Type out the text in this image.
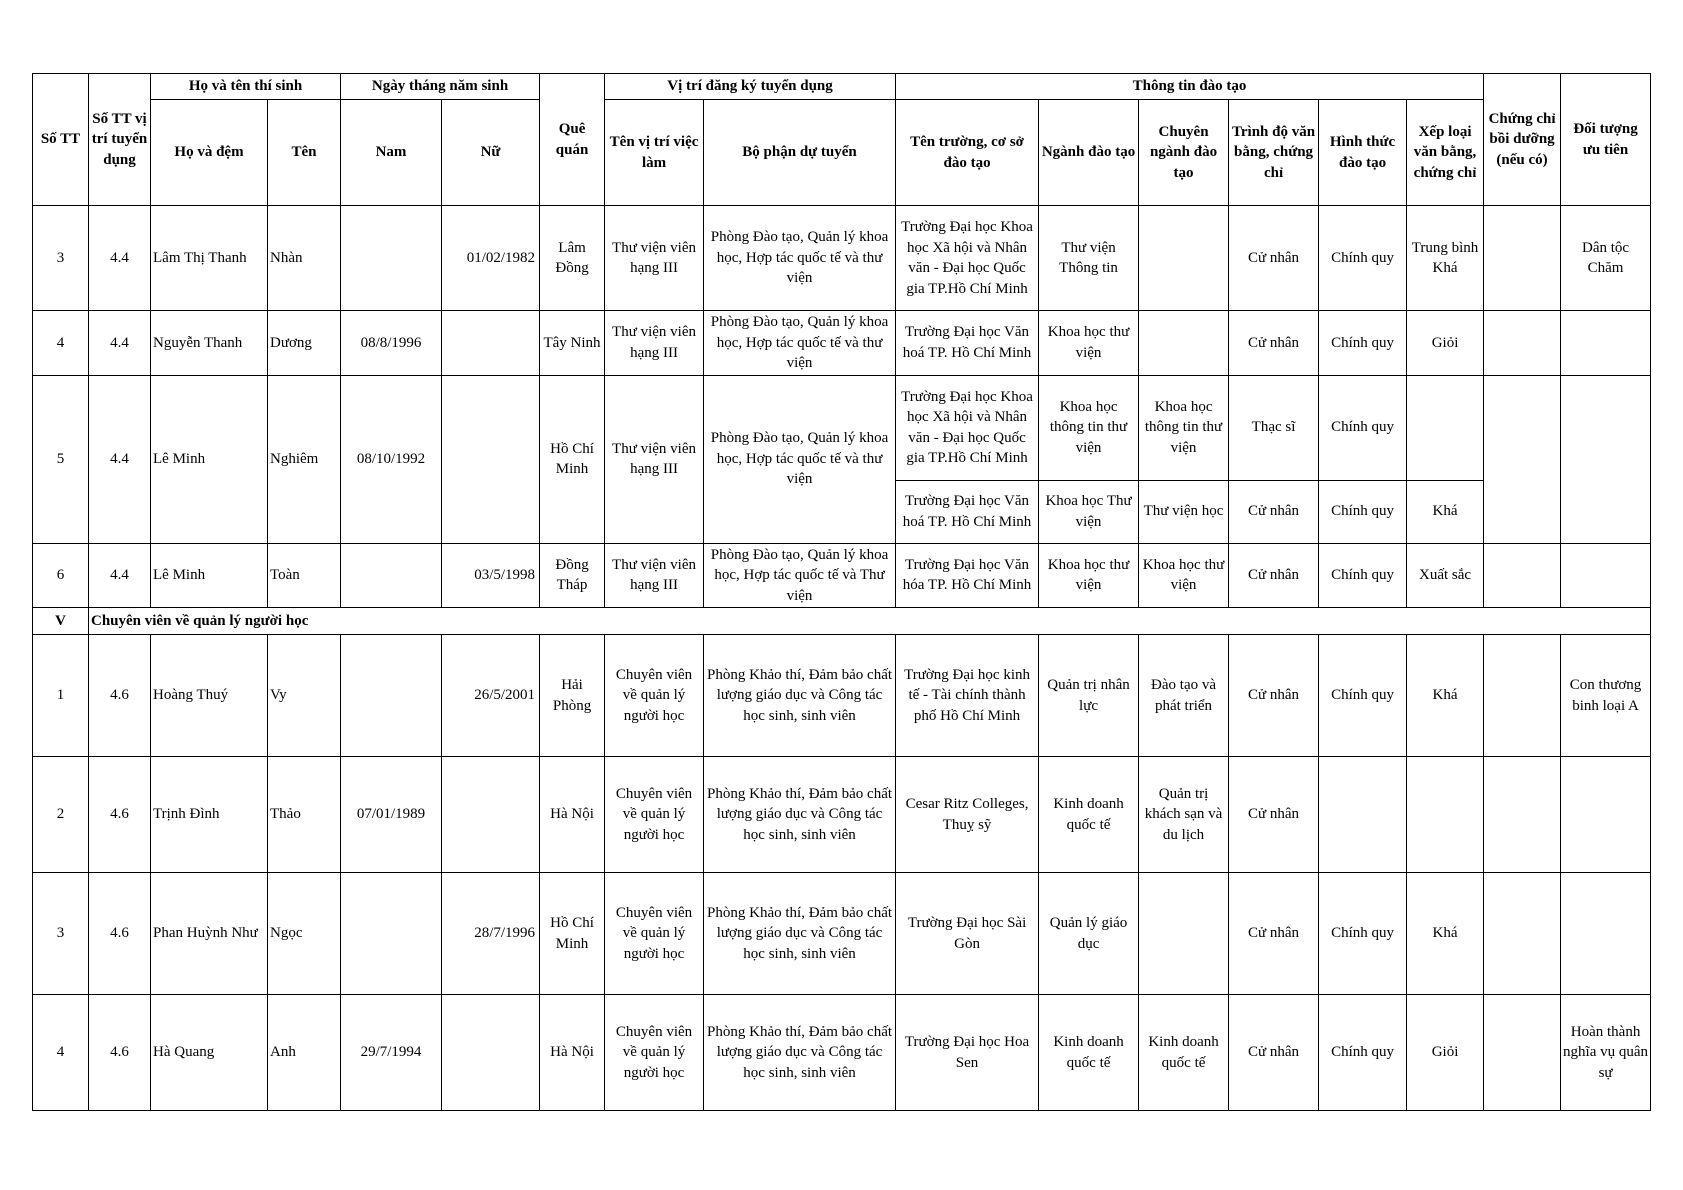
Số TT	Số TT vị trí tuyển dụng	Họ và tên thí sinh		Ngày tháng năm sinh		Quê quán	Vị trí đăng ký tuyển dụng		Thông tin đào tạo						Chứng chỉ bồi dưỡng (nếu có)	Đối tượng ưu tiên
		Họ và đệm	Tên	Nam	Nữ		Tên vị trí việc làm	Bộ phận dự tuyển	Tên trường, cơ sở đào tạo	Ngành đào tạo	Chuyên ngành đào tạo	Trình độ văn bằng, chứng chỉ	Hình thức đào tạo	Xếp loại văn bằng, chứng chỉ		
3	4.4	Lâm Thị Thanh	Nhàn		01/02/1982	Lâm Đồng	Thư viện viên hạng III	Phòng Đào tạo, Quản lý khoa học, Hợp tác quốc tế và thư viện	Trường Đại học Khoa học Xã hội và Nhân văn - Đại học Quốc gia TP.Hồ Chí Minh	Thư viện Thông tin		Cử nhân	Chính quy	Trung bình Khá		Dân tộc Chăm
4	4.4	Nguyễn Thanh	Dương	08/8/1996		Tây Ninh	Thư viện viên hạng III	Phòng Đào tạo, Quản lý khoa học, Hợp tác quốc tế và thư viện	Trường Đại học Văn hoá TP. Hồ Chí Minh	Khoa học thư viện		Cử nhân	Chính quy	Giỏi		
5	4.4	Lê Minh	Nghiêm	08/10/1992		Hồ Chí Minh	Thư viện viên hạng III	Phòng Đào tạo, Quản lý khoa học, Hợp tác quốc tế và thư viện	Trường Đại học Khoa học Xã hội và Nhân văn - Đại học Quốc gia TP.Hồ Chí Minh	Khoa học thông tin thư viện	Khoa học thông tin thư viện	Thạc sĩ	Chính quy			
									Trường Đại học Văn hoá TP. Hồ Chí Minh	Khoa học Thư viện	Thư viện học	Cử nhân	Chính quy	Khá		
6	4.4	Lê Minh	Toàn		03/5/1998	Đồng Tháp	Thư viện viên hạng III	Phòng Đào tạo, Quản lý khoa học, Hợp tác quốc tế và Thư viện	Trường Đại học Văn hóa TP. Hồ Chí Minh	Khoa học thư viện	Khoa học thư viện	Cử nhân	Chính quy	Xuất sắc		
V	Chuyên viên về quản lý người học															
1	4.6	Hoàng Thuý	Vy		26/5/2001	Hải Phòng	Chuyên viên về quản lý người học	Phòng Khảo thí, Đảm bảo chất lượng giáo dục và Công tác học sinh, sinh viên	Trường Đại học kinh tế - Tài chính thành phố Hồ Chí Minh	Quản trị nhân lực	Đào tạo và phát triển	Cử nhân	Chính quy	Khá		Con thương binh loại A
2	4.6	Trịnh Đình	Thảo	07/01/1989		Hà Nội	Chuyên viên về quản lý người học	Phòng Khảo thí, Đảm bảo chất lượng giáo dục và Công tác học sinh, sinh viên	Cesar Ritz Colleges, Thuỵ sỹ	Kinh doanh quốc tế	Quản trị khách sạn và du lịch	Cử nhân				
3	4.6	Phan Huỳnh Như	Ngọc		28/7/1996	Hồ Chí Minh	Chuyên viên về quản lý người học	Phòng Khảo thí, Đảm bảo chất lượng giáo dục và Công tác học sinh, sinh viên	Trường Đại học Sài Gòn	Quản lý giáo dục		Cử nhân	Chính quy	Khá		
4	4.6	Hà Quang	Anh	29/7/1994		Hà Nội	Chuyên viên về quản lý người học	Phòng Khảo thí, Đảm bảo chất lượng giáo dục và Công tác học sinh, sinh viên	Trường Đại học Hoa Sen	Kinh doanh quốc tế	Kinh doanh quốc tế	Cử nhân	Chính quy	Giỏi		Hoàn thành nghĩa vụ quân sự
